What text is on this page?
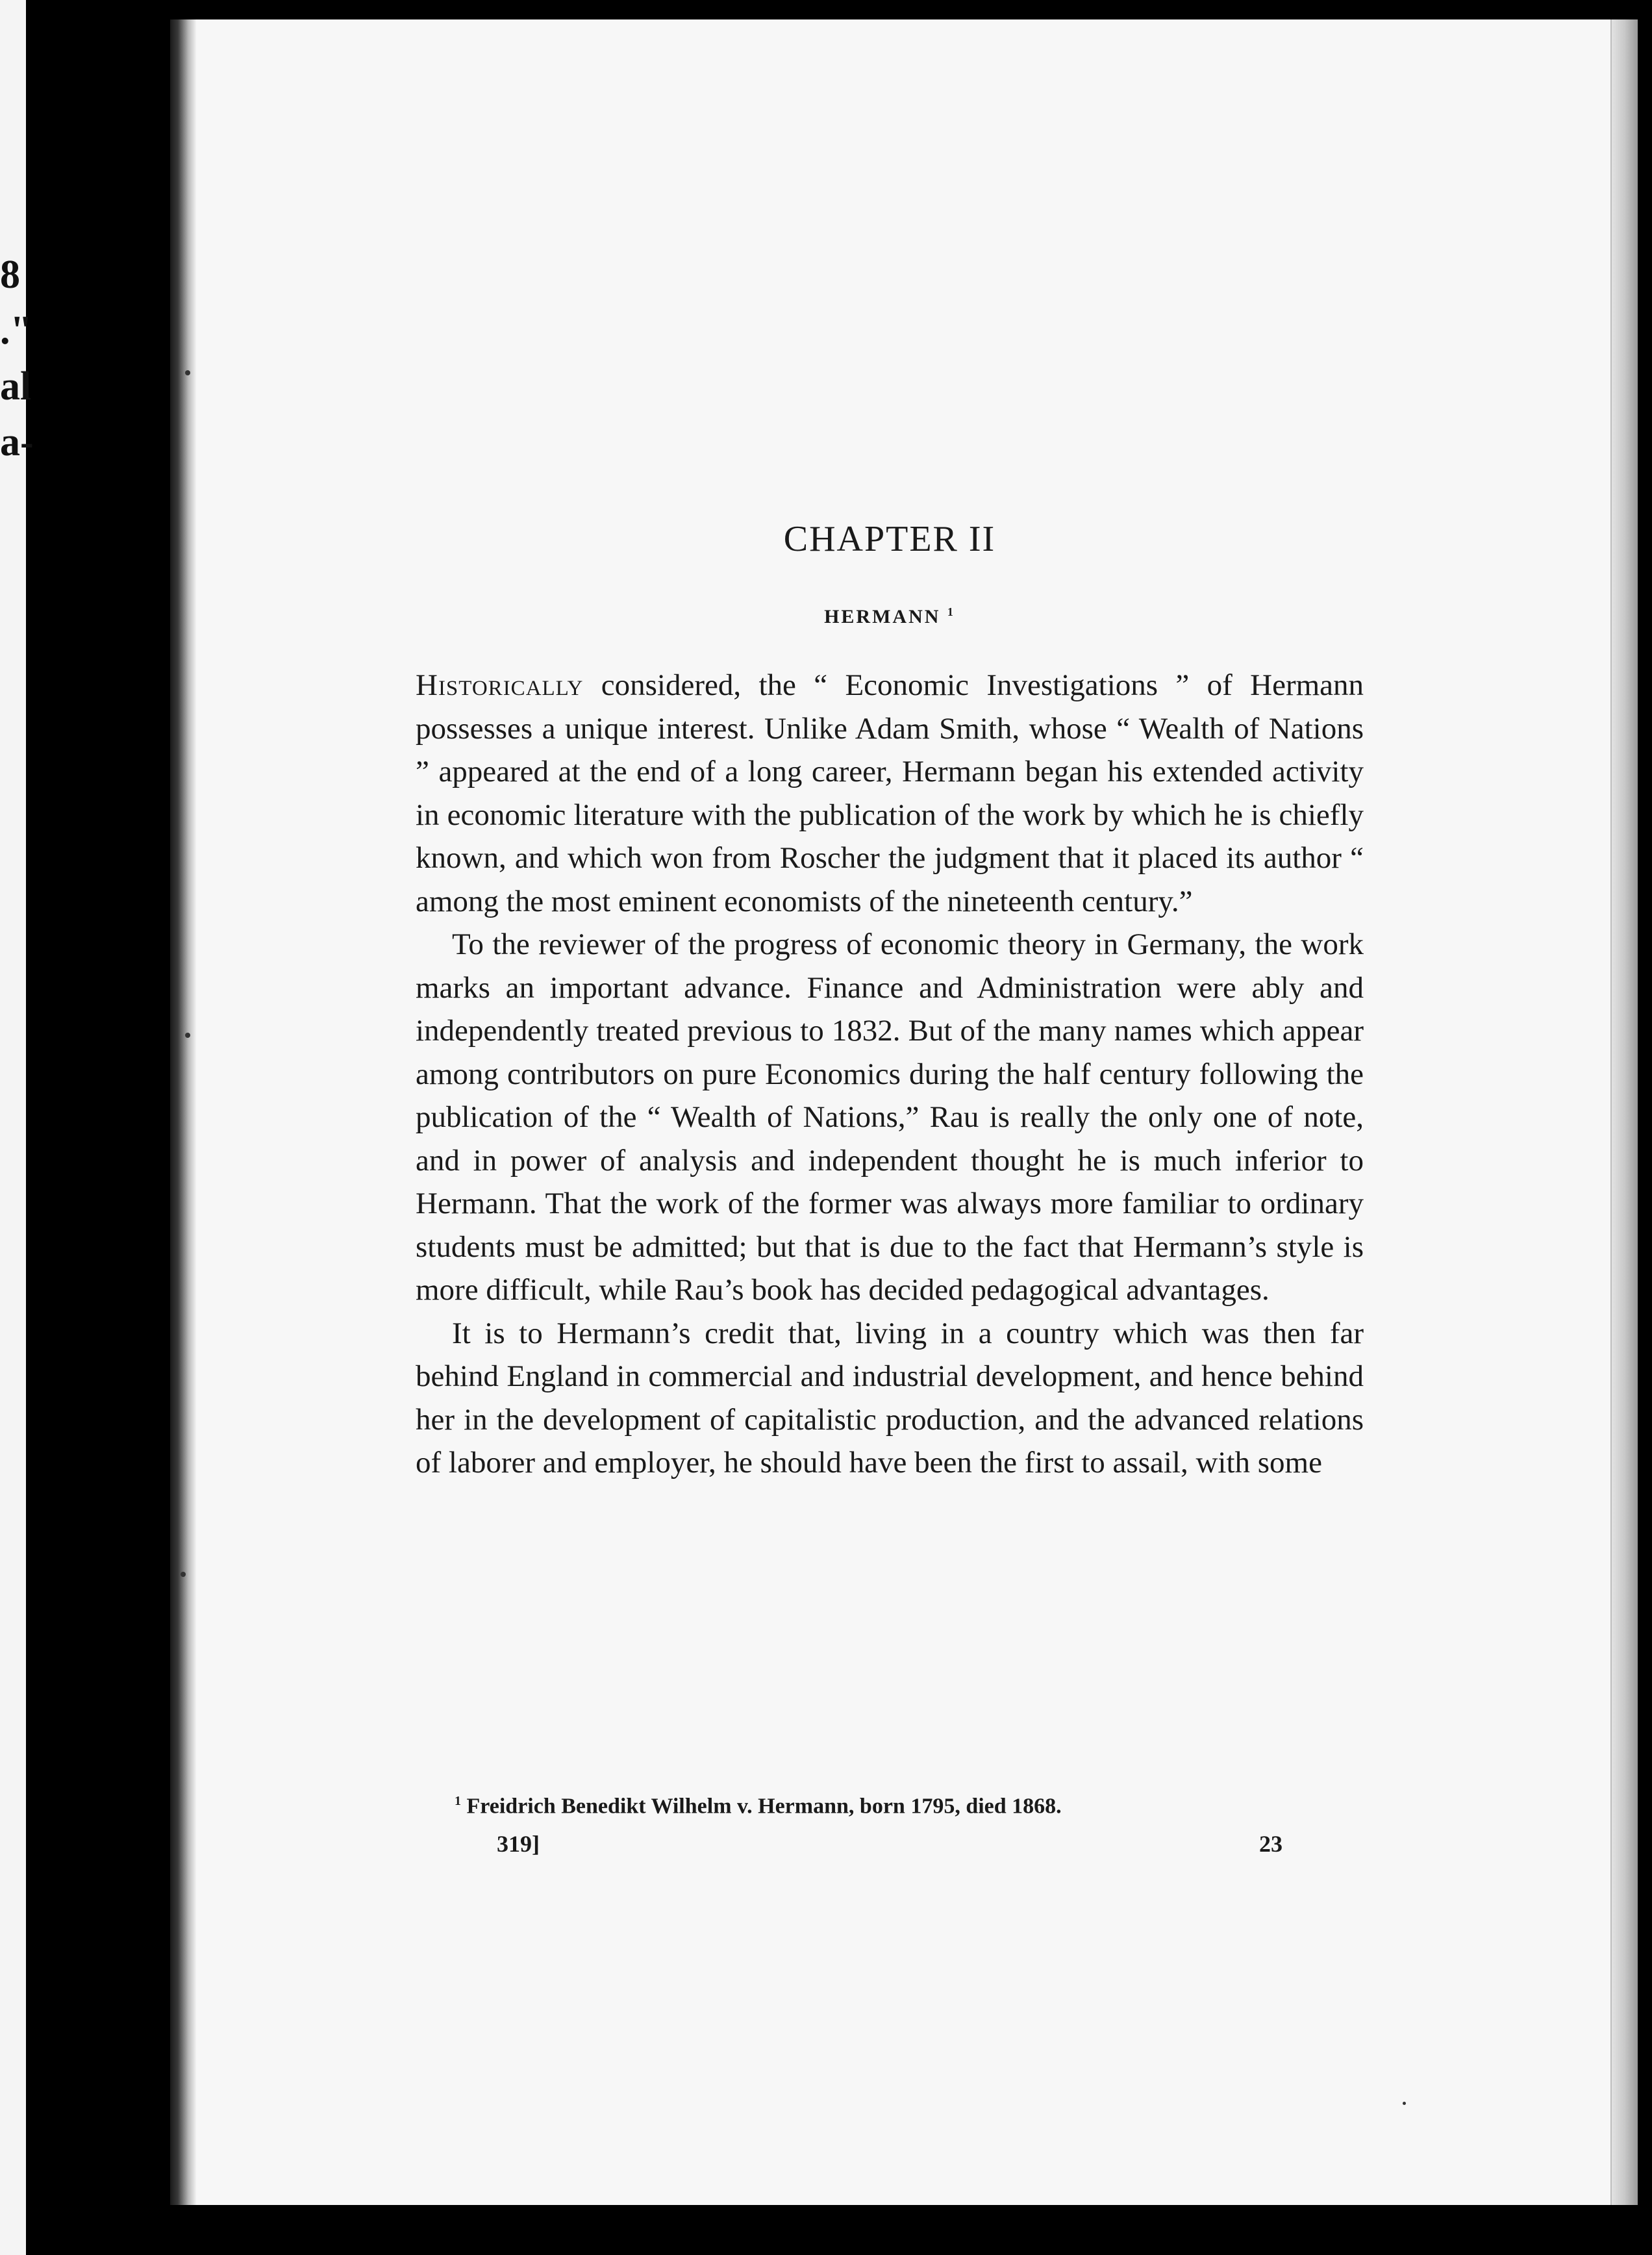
8
."
al
a-
CHAPTER II
HERMANN $^1$

Historically considered, the “ Economic Investigations ” of Hermann possesses a unique interest. Unlike Adam Smith, whose “ Wealth of Nations ” appeared at the end of a long career, Hermann began his extended activity in economic literature with the publication of the work by which he is chiefly known, and which won from Roscher the judgment that it placed its author “ among the most eminent economists of the nineteenth century.”

To the reviewer of the progress of economic theory in Germany, the work marks an important advance. Finance and Administration were ably and independently treated previous to 1832. But of the many names which appear among contributors on pure Economics during the half century following the publication of the “ Wealth of Nations,” Rau is really the only one of note, and in power of analysis and independent thought he is much inferior to Hermann. That the work of the former was always more familiar to ordinary students must be admitted; but that is due to the fact that Hermann’s style is more difficult, while Rau’s book has decided pedagogical advantages.

It is to Hermann’s credit that, living in a country which was then far behind England in commercial and industrial development, and hence behind her in the development of capitalistic production, and the advanced relations of laborer and employer, he should have been the first to assail, with some

$^1$ Freidrich Benedikt Wilhelm v. Hermann, born 1795, died 1868.
319]	23
